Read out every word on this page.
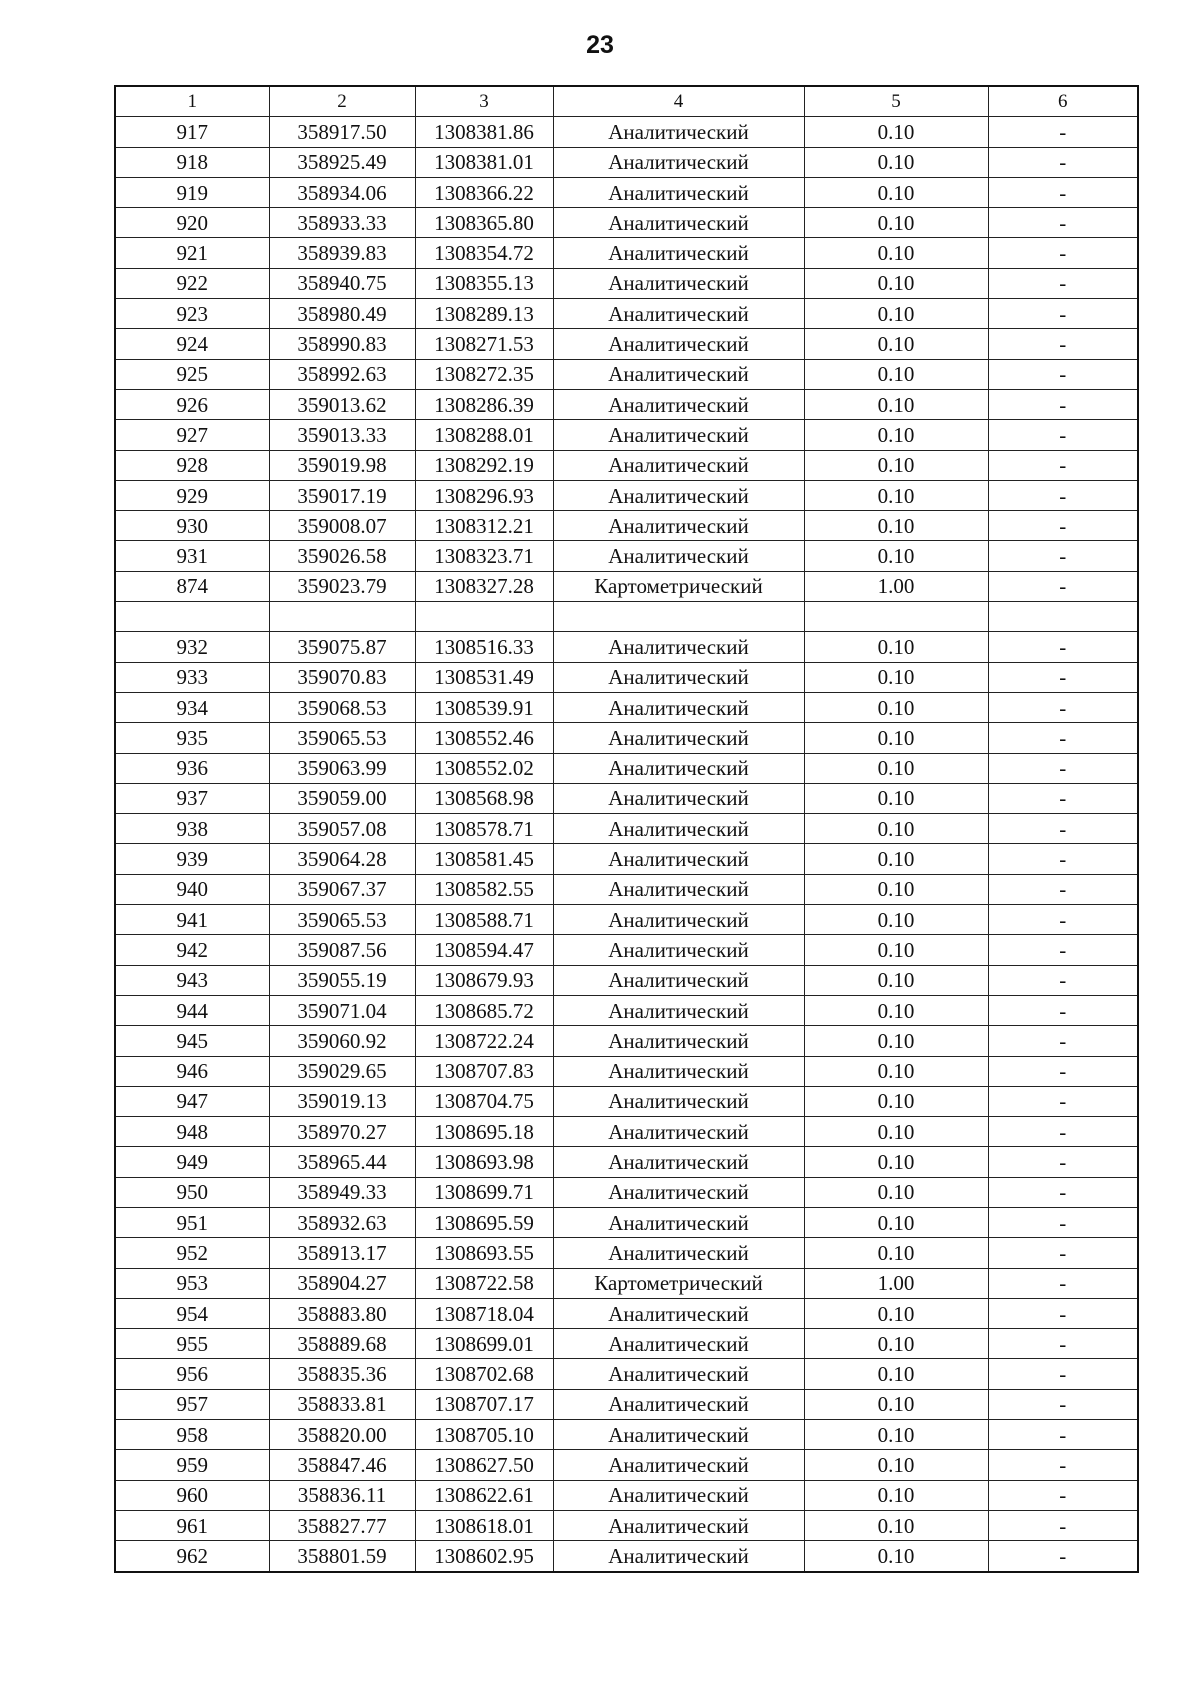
23
1	2	3	4	5	6
917	358917.50	1308381.86	Аналитический	0.10	-
918	358925.49	1308381.01	Аналитический	0.10	-
919	358934.06	1308366.22	Аналитический	0.10	-
920	358933.33	1308365.80	Аналитический	0.10	-
921	358939.83	1308354.72	Аналитический	0.10	-
922	358940.75	1308355.13	Аналитический	0.10	-
923	358980.49	1308289.13	Аналитический	0.10	-
924	358990.83	1308271.53	Аналитический	0.10	-
925	358992.63	1308272.35	Аналитический	0.10	-
926	359013.62	1308286.39	Аналитический	0.10	-
927	359013.33	1308288.01	Аналитический	0.10	-
928	359019.98	1308292.19	Аналитический	0.10	-
929	359017.19	1308296.93	Аналитический	0.10	-
930	359008.07	1308312.21	Аналитический	0.10	-
931	359026.58	1308323.71	Аналитический	0.10	-
874	359023.79	1308327.28	Картометрический	1.00	-

932	359075.87	1308516.33	Аналитический	0.10	-
933	359070.83	1308531.49	Аналитический	0.10	-
934	359068.53	1308539.91	Аналитический	0.10	-
935	359065.53	1308552.46	Аналитический	0.10	-
936	359063.99	1308552.02	Аналитический	0.10	-
937	359059.00	1308568.98	Аналитический	0.10	-
938	359057.08	1308578.71	Аналитический	0.10	-
939	359064.28	1308581.45	Аналитический	0.10	-
940	359067.37	1308582.55	Аналитический	0.10	-
941	359065.53	1308588.71	Аналитический	0.10	-
942	359087.56	1308594.47	Аналитический	0.10	-
943	359055.19	1308679.93	Аналитический	0.10	-
944	359071.04	1308685.72	Аналитический	0.10	-
945	359060.92	1308722.24	Аналитический	0.10	-
946	359029.65	1308707.83	Аналитический	0.10	-
947	359019.13	1308704.75	Аналитический	0.10	-
948	358970.27	1308695.18	Аналитический	0.10	-
949	358965.44	1308693.98	Аналитический	0.10	-
950	358949.33	1308699.71	Аналитический	0.10	-
951	358932.63	1308695.59	Аналитический	0.10	-
952	358913.17	1308693.55	Аналитический	0.10	-
953	358904.27	1308722.58	Картометрический	1.00	-
954	358883.80	1308718.04	Аналитический	0.10	-
955	358889.68	1308699.01	Аналитический	0.10	-
956	358835.36	1308702.68	Аналитический	0.10	-
957	358833.81	1308707.17	Аналитический	0.10	-
958	358820.00	1308705.10	Аналитический	0.10	-
959	358847.46	1308627.50	Аналитический	0.10	-
960	358836.11	1308622.61	Аналитический	0.10	-
961	358827.77	1308618.01	Аналитический	0.10	-
962	358801.59	1308602.95	Аналитический	0.10	-
